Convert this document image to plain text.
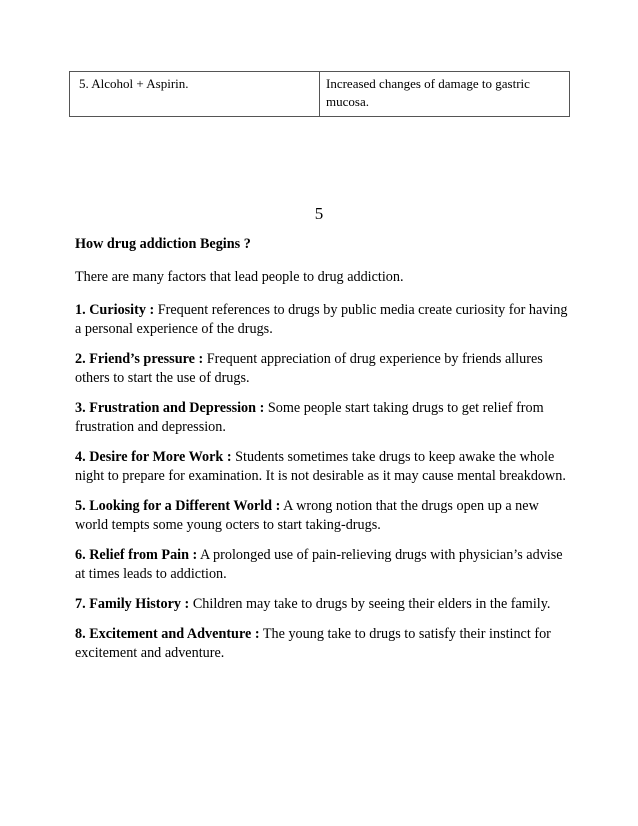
5. Alcohol + Aspirin.	Increased changes of damage to gastric mucosa.
5
How drug addiction Begins ?
There are many factors that lead people to drug addiction.
1. Curiosity : Frequent references to drugs by public media create curiosity for having a personal experience of the drugs.
2. Friend’s pressure : Frequent appreciation of drug experience by friends allures others to start the use of drugs.
3. Frustration and Depression : Some people start taking drugs to get relief from frustration and depression.
4. Desire for More Work : Students sometimes take drugs to keep awake the whole night to prepare for examination. It is not desirable as it may cause mental breakdown.
5. Looking for a Different World : A wrong notion that the drugs open up a new world tempts some young octers to start taking-drugs.
6. Relief from Pain : A prolonged use of pain-relieving drugs with physician’s advise at times leads to addiction.
7. Family History : Children may take to drugs by seeing their elders in the family.
8. Excitement and Adventure : The young take to drugs to satisfy their instinct for excitement and adventure.
